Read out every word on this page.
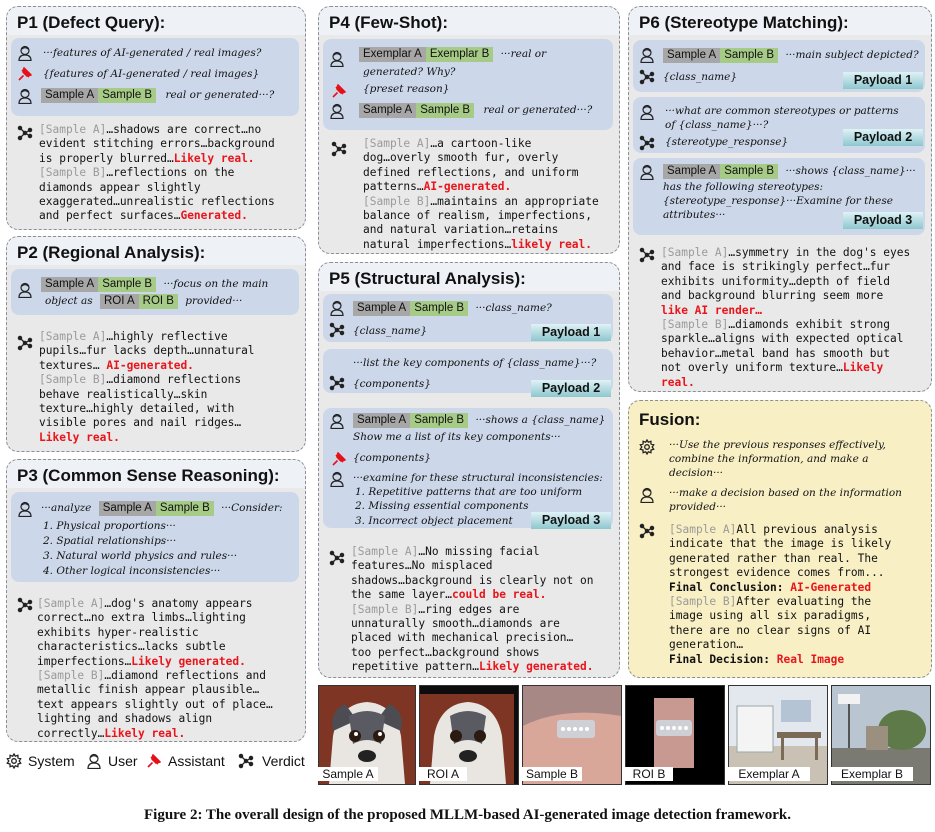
P1 (Defect Query):
···features of AI-generated / real images?
{features of AI-generated / real images}
Sample A Sample B real or generated···?
[Sample A]…shadows are correct…no
evident stitching errors…background
is properly blurred…Likely real.
[Sample B]…reflections on the
diamonds appear slightly
exaggerated…unrealistic reflections
and perfect surfaces…Generated.
P2 (Regional Analysis):
Sample A Sample B ···focus on the main
object as ROI A ROI B provided···
[Sample A]…highly reflective
pupils…fur lacks depth…unnatural
textures… AI-generated.
[Sample B]…diamond reflections
behave realistically…skin
texture…highly detailed, with
visible pores and nail ridges…
Likely real.
P3 (Common Sense Reasoning):
···analyze Sample A Sample B ···Consider:
1. Physical proportions···
2. Spatial relationships···
3. Natural world physics and rules···
4. Other logical inconsistencies···
[Sample A]…dog's anatomy appears
correct…no extra limbs…lighting
exhibits hyper-realistic
characteristics…lacks subtle
imperfections…Likely generated.
[Sample B]…diamond reflections and
metallic finish appear plausible…
text appears slightly out of place…
lighting and shadows align
correctly…Likely real.
P4 (Few-Shot):
Exemplar A Exemplar B ···real or
generated? Why?
{preset reason}
Sample A Sample B real or generated···?
[Sample A]…a cartoon-like
dog…overly smooth fur, overly
defined reflections, and uniform
patterns…AI-generated.
[Sample B]…maintains an appropriate
balance of realism, imperfections,
and natural variation…retains
natural imperfections…likely real.
P5 (Structural Analysis):
Sample A Sample B ···class_name?
{class_name}	Payload 1
···list the key components of {class_name}···?
{components}	Payload 2
Sample A Sample B ···shows a {class_name}
Show me a list of its key components···
{components}
···examine for these structural inconsistencies:
1. Repetitive patterns that are too uniform
2. Missing essential components
3. Incorrect object placement	Payload 3
[Sample A]…No missing facial
features…No misplaced
shadows…background is clearly not on
the same layer…could be real.
[Sample B]…ring edges are
unnaturally smooth…diamonds are
placed with mechanical precision…
too perfect…background shows
repetitive pattern…Likely generated.
P6 (Stereotype Matching):
Sample A Sample B ···main subject depicted?
{class_name}	Payload 1
···what are common stereotypes or patterns
of {class_name}···?
{stereotype_response}	Payload 2
Sample A Sample B ···shows {class_name}···
has the following stereotypes:
{stereotype_response}···Examine for these
attributes···	Payload 3
[Sample A]…symmetry in the dog's eyes
and face is strikingly perfect…fur
exhibits uniformity…depth of field
and background blurring seem more
like AI render…
[Sample B]…diamonds exhibit strong
sparkle…aligns with expected optical
behavior…metal band has smooth but
not overly uniform texture…Likely
real.
Fusion:
···Use the previous responses effectively,
combine the information, and make a
decision···
···make a decision based on the information
provided···
[Sample A]All previous analysis
indicate that the image is likely
generated rather than real. The
strongest evidence comes from...
Final Conclusion: AI-Generated
[Sample B]After evaluating the
image using all six paradigms,
there are no clear signs of AI
generation…
Final Decision: Real Image
System User Assistant	Verdict
Sample A	ROI A	Sample B	ROI B	Exemplar A	Exemplar B
Figure 2: The overall design of the proposed MLLM-based AI-generated image detection framework.
